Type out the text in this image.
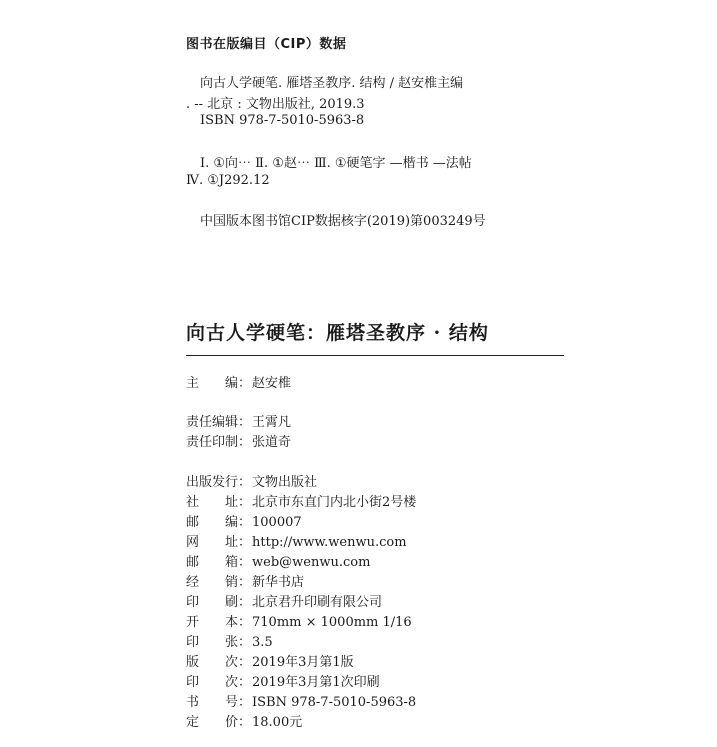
图书在版编目（CIP）数据
向古人学硬笔. 雁塔圣教序. 结构 / 赵安椎主编
. -- 北京 : 文物出版社, 2019.3
ISBN 978-7-5010-5963-8
Ⅰ. ①向⋯ Ⅱ. ①赵⋯ Ⅲ. ①硬笔字 —楷书 —法帖
Ⅳ. ①J292.12
中国版本图书馆CIP数据核字(2019)第003249号
向古人学硬笔：雁塔圣教序 · 结构
主　　编：赵安椎
责任编辑：王霄凡
责任印制：张道奇
出版发行：文物出版社
社　　址：北京市东直门内北小街2号楼
邮　　编：100007
网　　址：http://www.wenwu.com
邮　　箱：web@wenwu.com
经　　销：新华书店
印　　刷：北京君升印刷有限公司
开　　本：710mm × 1000mm 1/16
印　　张：3.5
版　　次：2019年3月第1版
印　　次：2019年3月第1次印刷
书　　号：ISBN 978-7-5010-5963-8
定　　价：18.00元
